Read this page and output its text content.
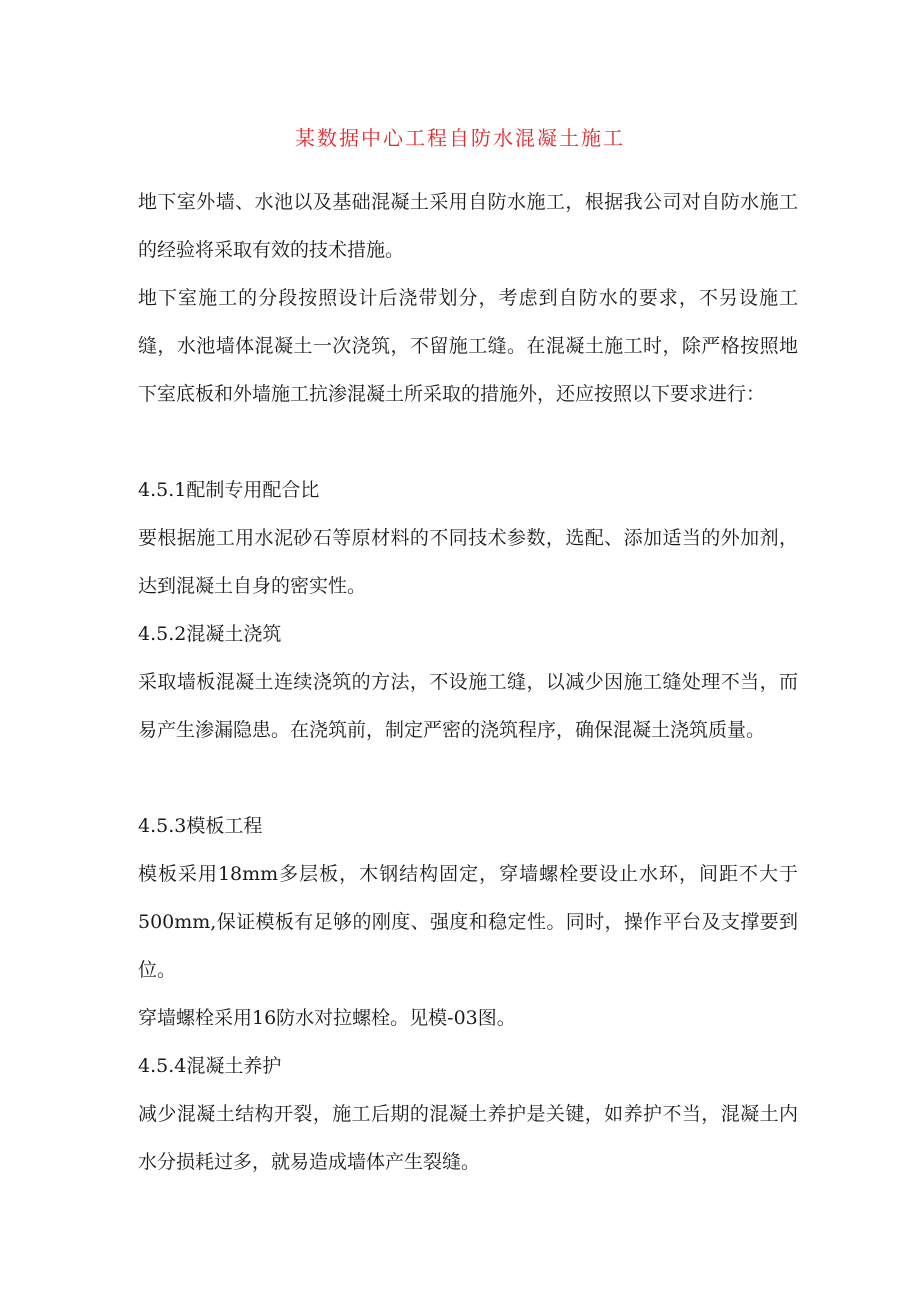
某数据中心工程自防水混凝土施工
地下室外墙、水池以及基础混凝土采用自防水施工，根据我公司对自防水施工的经验将采取有效的技术措施。
地下室施工的分段按照设计后浇带划分，考虑到自防水的要求，不另设施工缝，水池墙体混凝土一次浇筑，不留施工缝。在混凝土施工时，除严格按照地下室底板和外墙施工抗渗混凝土所采取的措施外，还应按照以下要求进行：
4.5.1配制专用配合比
要根据施工用水泥砂石等原材料的不同技术参数，选配、添加适当的外加剂，达到混凝土自身的密实性。
4.5.2混凝土浇筑
采取墙板混凝土连续浇筑的方法，不设施工缝，以减少因施工缝处理不当，而易产生渗漏隐患。在浇筑前，制定严密的浇筑程序，确保混凝土浇筑质量。
4.5.3模板工程
模板采用18mm多层板，木钢结构固定，穿墙螺栓要设止水环，间距不大于500mm,保证模板有足够的刚度、强度和稳定性。同时，操作平台及支撑要到位。
穿墙螺栓采用16防水对拉螺栓。见模-03图。
4.5.4混凝土养护
减少混凝土结构开裂，施工后期的混凝土养护是关键，如养护不当，混凝土内水分损耗过多，就易造成墙体产生裂缝。
